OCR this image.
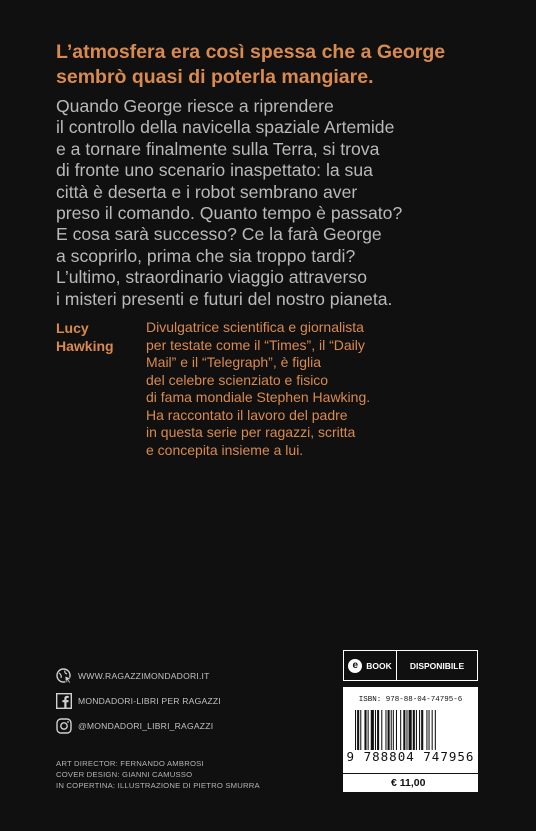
L’atmosfera era così spessa che a George
sembrò quasi di poterla mangiare.
Quando George riesce a riprendere
il controllo della navicella spaziale Artemide
e a tornare finalmente sulla Terra, si trova
di fronte uno scenario inaspettato: la sua
città è deserta e i robot sembrano aver
preso il comando. Quanto tempo è passato?
E cosa sarà successo? Ce la farà George
a scoprirlo, prima che sia troppo tardi?
L’ultimo, straordinario viaggio attraverso
i misteri presenti e futuri del nostro pianeta.
Lucy
Hawking
Divulgatrice scientifica e giornalista
per testate come il “Times”, il “Daily
Mail” e il “Telegraph”, è figlia
del celebre scienziato e fisico
di fama mondiale Stephen Hawking.
Ha raccontato il lavoro del padre
in questa serie per ragazzi, scritta
e concepita insieme a lui.
WWW.RAGAZZIMONDADORI.IT
MONDADORI-LIBRI PER RAGAZZI
@MONDADORI_LIBRI_RAGAZZI
ART DIRECTOR: FERNANDO AMBROSI
COVER DESIGN: GIANNI CAMUSSO
IN COPERTINA: ILLUSTRAZIONE DI PIETRO SMURRA
e BOOK	DISPONIBILE
ISBN: 978-88-04-74795-6
9 788804 747956
€ 11,00
